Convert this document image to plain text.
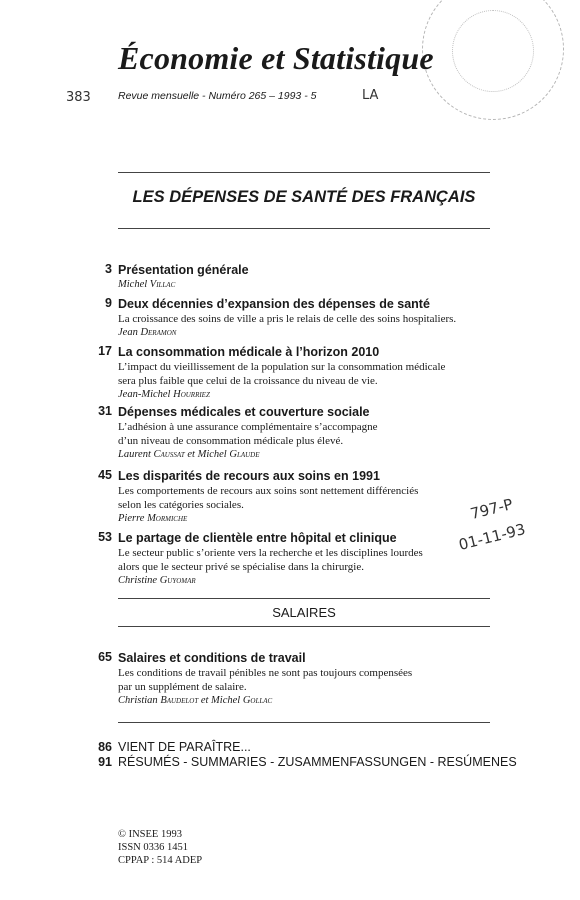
Économie et Statistique
Revue mensuelle - Numéro 265 – 1993 - 5
383	LA
LES DÉPENSES DE SANTÉ DES FRANÇAIS
3 Présentation générale
Michel Villac
9 Deux décennies d’expansion des dépenses de santé
La croissance des soins de ville a pris le relais de celle des soins hospitaliers.
Jean Deramon
17 La consommation médicale à l’horizon 2010
L’impact du vieillissement de la population sur la consommation médicale
sera plus faible que celui de la croissance du niveau de vie.
Jean-Michel Hourriez
31 Dépenses médicales et couverture sociale
L’adhésion à une assurance complémentaire s’accompagne
d’un niveau de consommation médicale plus élevé.
Laurent Caussat et Michel Glaude
45 Les disparités de recours aux soins en 1991
Les comportements de recours aux soins sont nettement différenciés
selon les catégories sociales.
Pierre Mormiche
53 Le partage de clientèle entre hôpital et clinique
Le secteur public s’oriente vers la recherche et les disciplines lourdes
alors que le secteur privé se spécialise dans la chirurgie.
Christine Guyomar
797-P
01-11-93
SALAIRES
65 Salaires et conditions de travail
Les conditions de travail pénibles ne sont pas toujours compensées
par un supplément de salaire.
Christian Baudelot et Michel Gollac
86 VIENT DE PARAÎTRE...
91 RÉSUMÉS - SUMMARIES - ZUSAMMENFASSUNGEN - RESÚMENES
© INSEE 1993
ISSN 0336 1451
CPPAP : 514 ADEP
